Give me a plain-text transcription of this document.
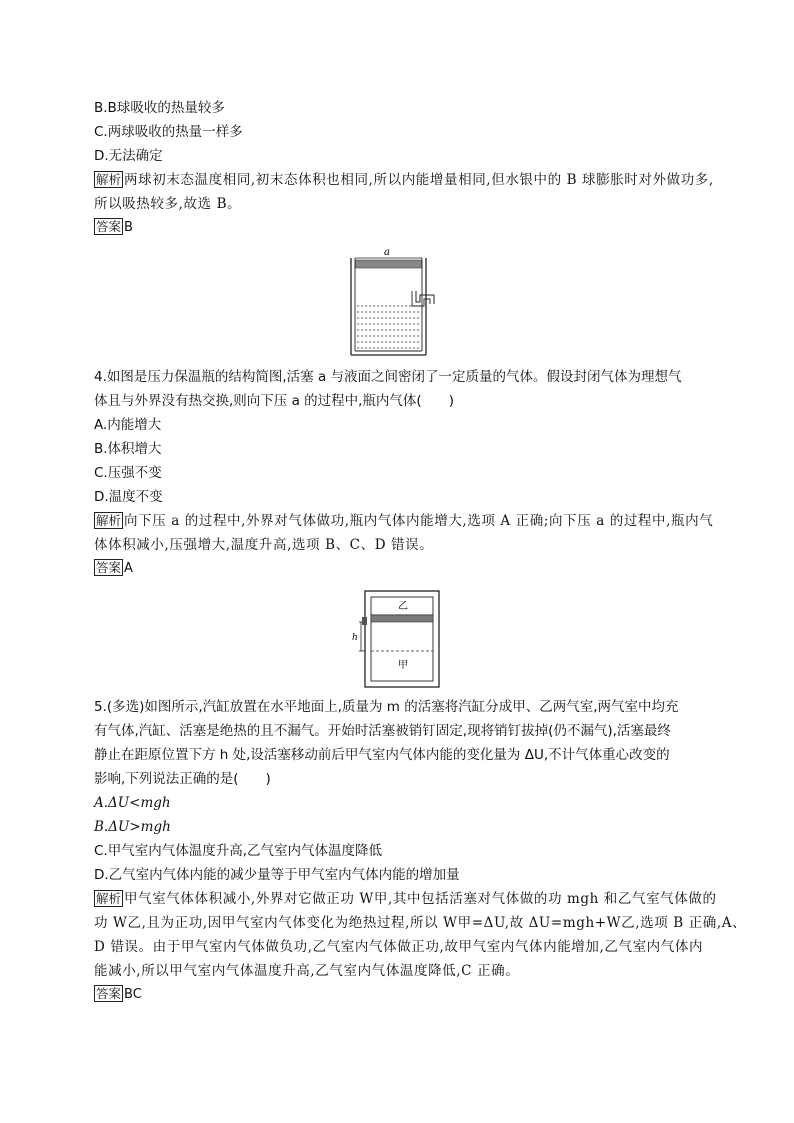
B.B球吸收的热量较多
C.两球吸收的热量一样多
D.无法确定
解析 两球初末态温度相同,初末态体积也相同,所以内能增量相同,但水银中的 B 球膨胀时对外做功多,
所以吸热较多,故选 B。
答案 B
a
4.如图是压力保温瓶的结构简图,活塞 a 与液面之间密闭了一定质量的气体。假设封闭气体为理想气
体且与外界没有热交换,则向下压 a 的过程中,瓶内气体(　　)
A.内能增大
B.体积增大
C.压强不变
D.温度不变
解析 向下压 a 的过程中,外界对气体做功,瓶内气体内能增大,选项 A 正确;向下压 a 的过程中,瓶内气
体体积减小,压强增大,温度升高,选项 B、C、D 错误。
答案 A
乙
甲
h
5.(多选)如图所示,汽缸放置在水平地面上,质量为 m 的活塞将汽缸分成甲、乙两气室,两气室中均充
有气体,汽缸、活塞是绝热的且不漏气。开始时活塞被销钉固定,现将销钉拔掉(仍不漏气),活塞最终
静止在距原位置下方 h 处,设活塞移动前后甲气室内气体内能的变化量为 ΔU,不计气体重心改变的
影响,下列说法正确的是(　　)
A.ΔU<mgh
B.ΔU>mgh
C.甲气室内气体温度升高,乙气室内气体温度降低
D.乙气室内气体内能的减少量等于甲气室内气体内能的增加量
解析 甲气室气体体积减小,外界对它做正功 W甲,其中包括活塞对气体做的功 mgh 和乙气室气体做的
功 W乙,且为正功,因甲气室内气体变化为绝热过程,所以 W甲=ΔU,故 ΔU=mgh+W乙,选项 B 正确,A、
D 错误。由于甲气室内气体做负功,乙气室内气体做正功,故甲气室内气体内能增加,乙气室内气体内
能减小,所以甲气室内气体温度升高,乙气室内气体温度降低,C 正确。
答案 BC
